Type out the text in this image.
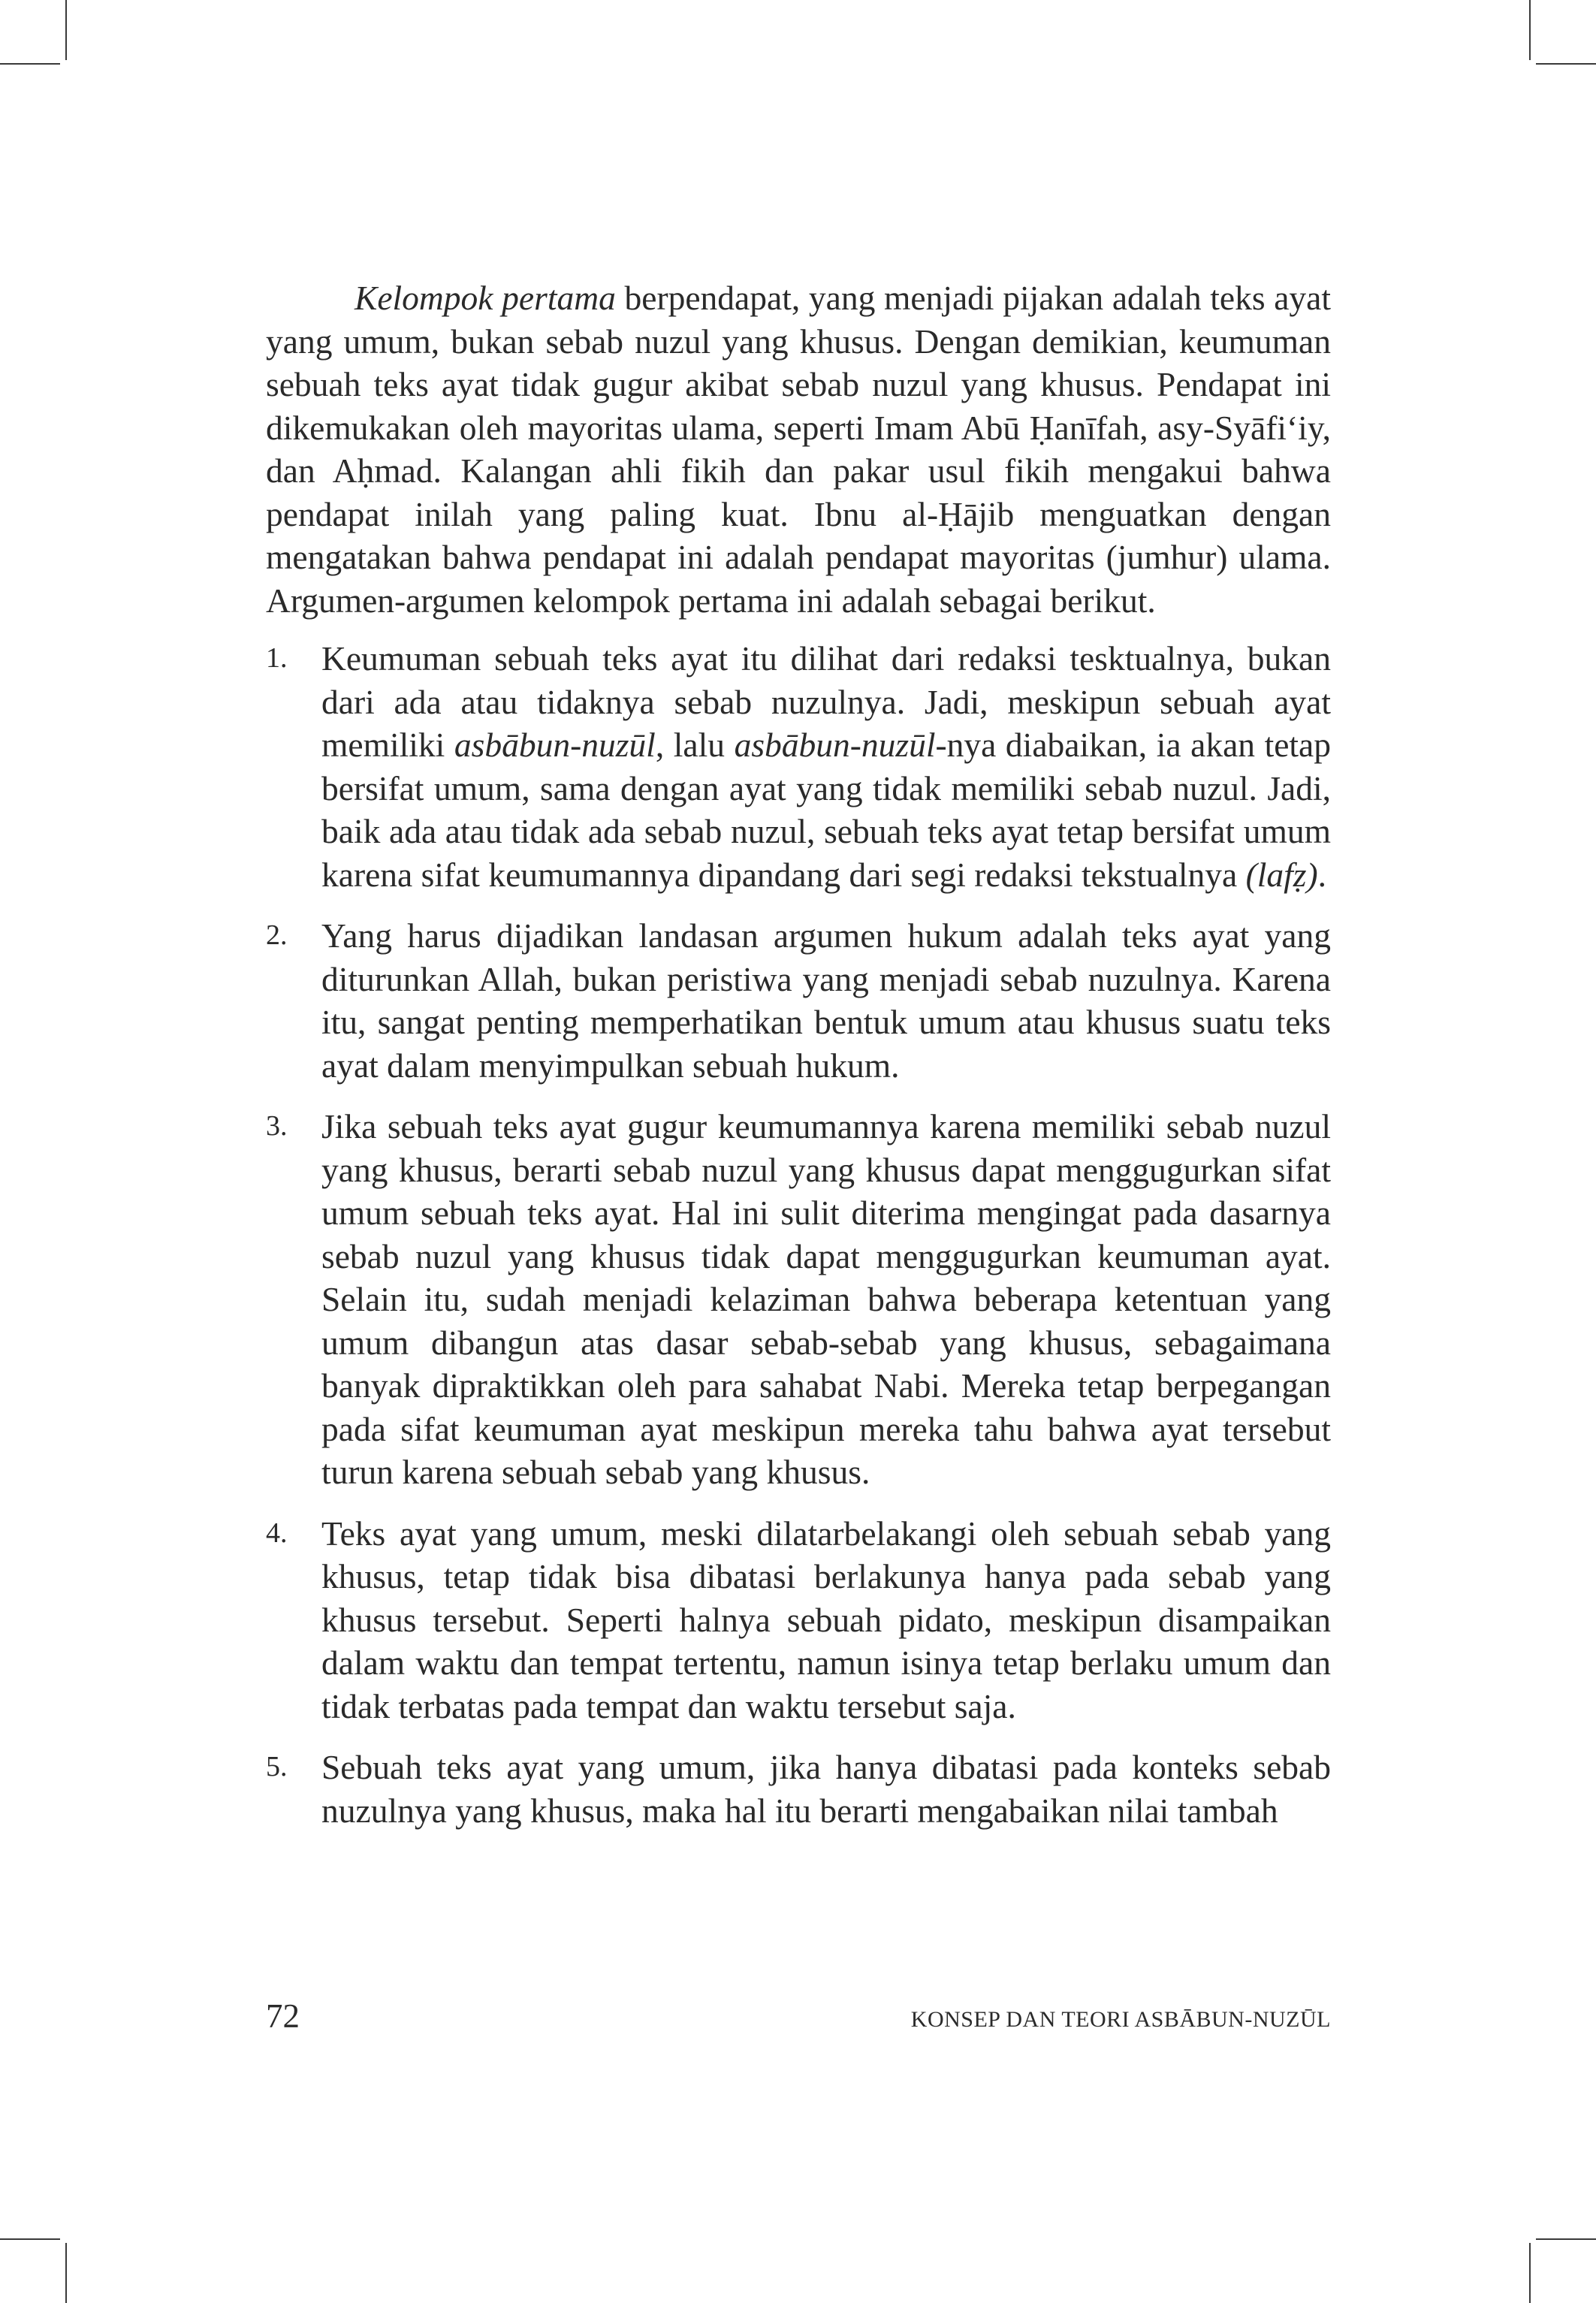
Kelompok pertama berpendapat, yang menjadi pijakan adalah teks ayat yang umum, bukan sebab nuzul yang khusus. Dengan demikian, keumuman sebuah teks ayat tidak gugur akibat sebab nuzul yang khusus. Pendapat ini dikemukakan oleh mayoritas ulama, seperti Imam Abū Ḥanīfah, asy-Syāfiʻiy, dan Aḥmad. Kalangan ahli fikih dan pakar usul fikih mengakui bahwa pendapat inilah yang paling kuat. Ibnu al-Ḥājib menguatkan dengan mengatakan bahwa pendapat ini adalah pendapat mayoritas (jumhur) ulama. Argumen-argumen kelompok pertama ini adalah sebagai berikut.

1. Keumuman sebuah teks ayat itu dilihat dari redaksi tesktualnya, bukan dari ada atau tidaknya sebab nuzulnya. Jadi, meskipun sebuah ayat memiliki asbābun-nuzūl, lalu asbābun-nuzūl-nya diabaikan, ia akan tetap bersifat umum, sama dengan ayat yang tidak memiliki sebab nuzul. Jadi, baik ada atau tidak ada sebab nuzul, sebuah teks ayat tetap bersifat umum karena sifat keumumannya dipandang dari segi redaksi tekstualnya (lafẓ).
2. Yang harus dijadikan landasan argumen hukum adalah teks ayat yang diturunkan Allah, bukan peristiwa yang menjadi sebab nuzulnya. Karena itu, sangat penting memperhatikan bentuk umum atau khusus suatu teks ayat dalam menyimpulkan sebuah hukum.
3. Jika sebuah teks ayat gugur keumumannya karena memiliki sebab nuzul yang khusus, berarti sebab nuzul yang khusus dapat menggugurkan sifat umum sebuah teks ayat. Hal ini sulit diterima mengingat pada dasarnya sebab nuzul yang khusus tidak dapat menggugurkan keumuman ayat. Selain itu, sudah menjadi kelaziman bahwa beberapa ketentuan yang umum dibangun atas dasar sebab-sebab yang khusus, sebagaimana banyak dipraktikkan oleh para sahabat Nabi. Mereka tetap berpegangan pada sifat keumuman ayat meskipun mereka tahu bahwa ayat tersebut turun karena sebuah sebab yang khusus.
4. Teks ayat yang umum, meski dilatarbelakangi oleh sebuah sebab yang khusus, tetap tidak bisa dibatasi berlakunya hanya pada sebab yang khusus tersebut. Seperti halnya sebuah pidato, meskipun disampaikan dalam waktu dan tempat tertentu, namun isinya tetap berlaku umum dan tidak terbatas pada tempat dan waktu tersebut saja.
5. Sebuah teks ayat yang umum, jika hanya dibatasi pada konteks sebab nuzulnya yang khusus, maka hal itu berarti mengabaikan nilai tambah
72	KONSEP DAN TEORI ASBĀBUN-NUZŪL
